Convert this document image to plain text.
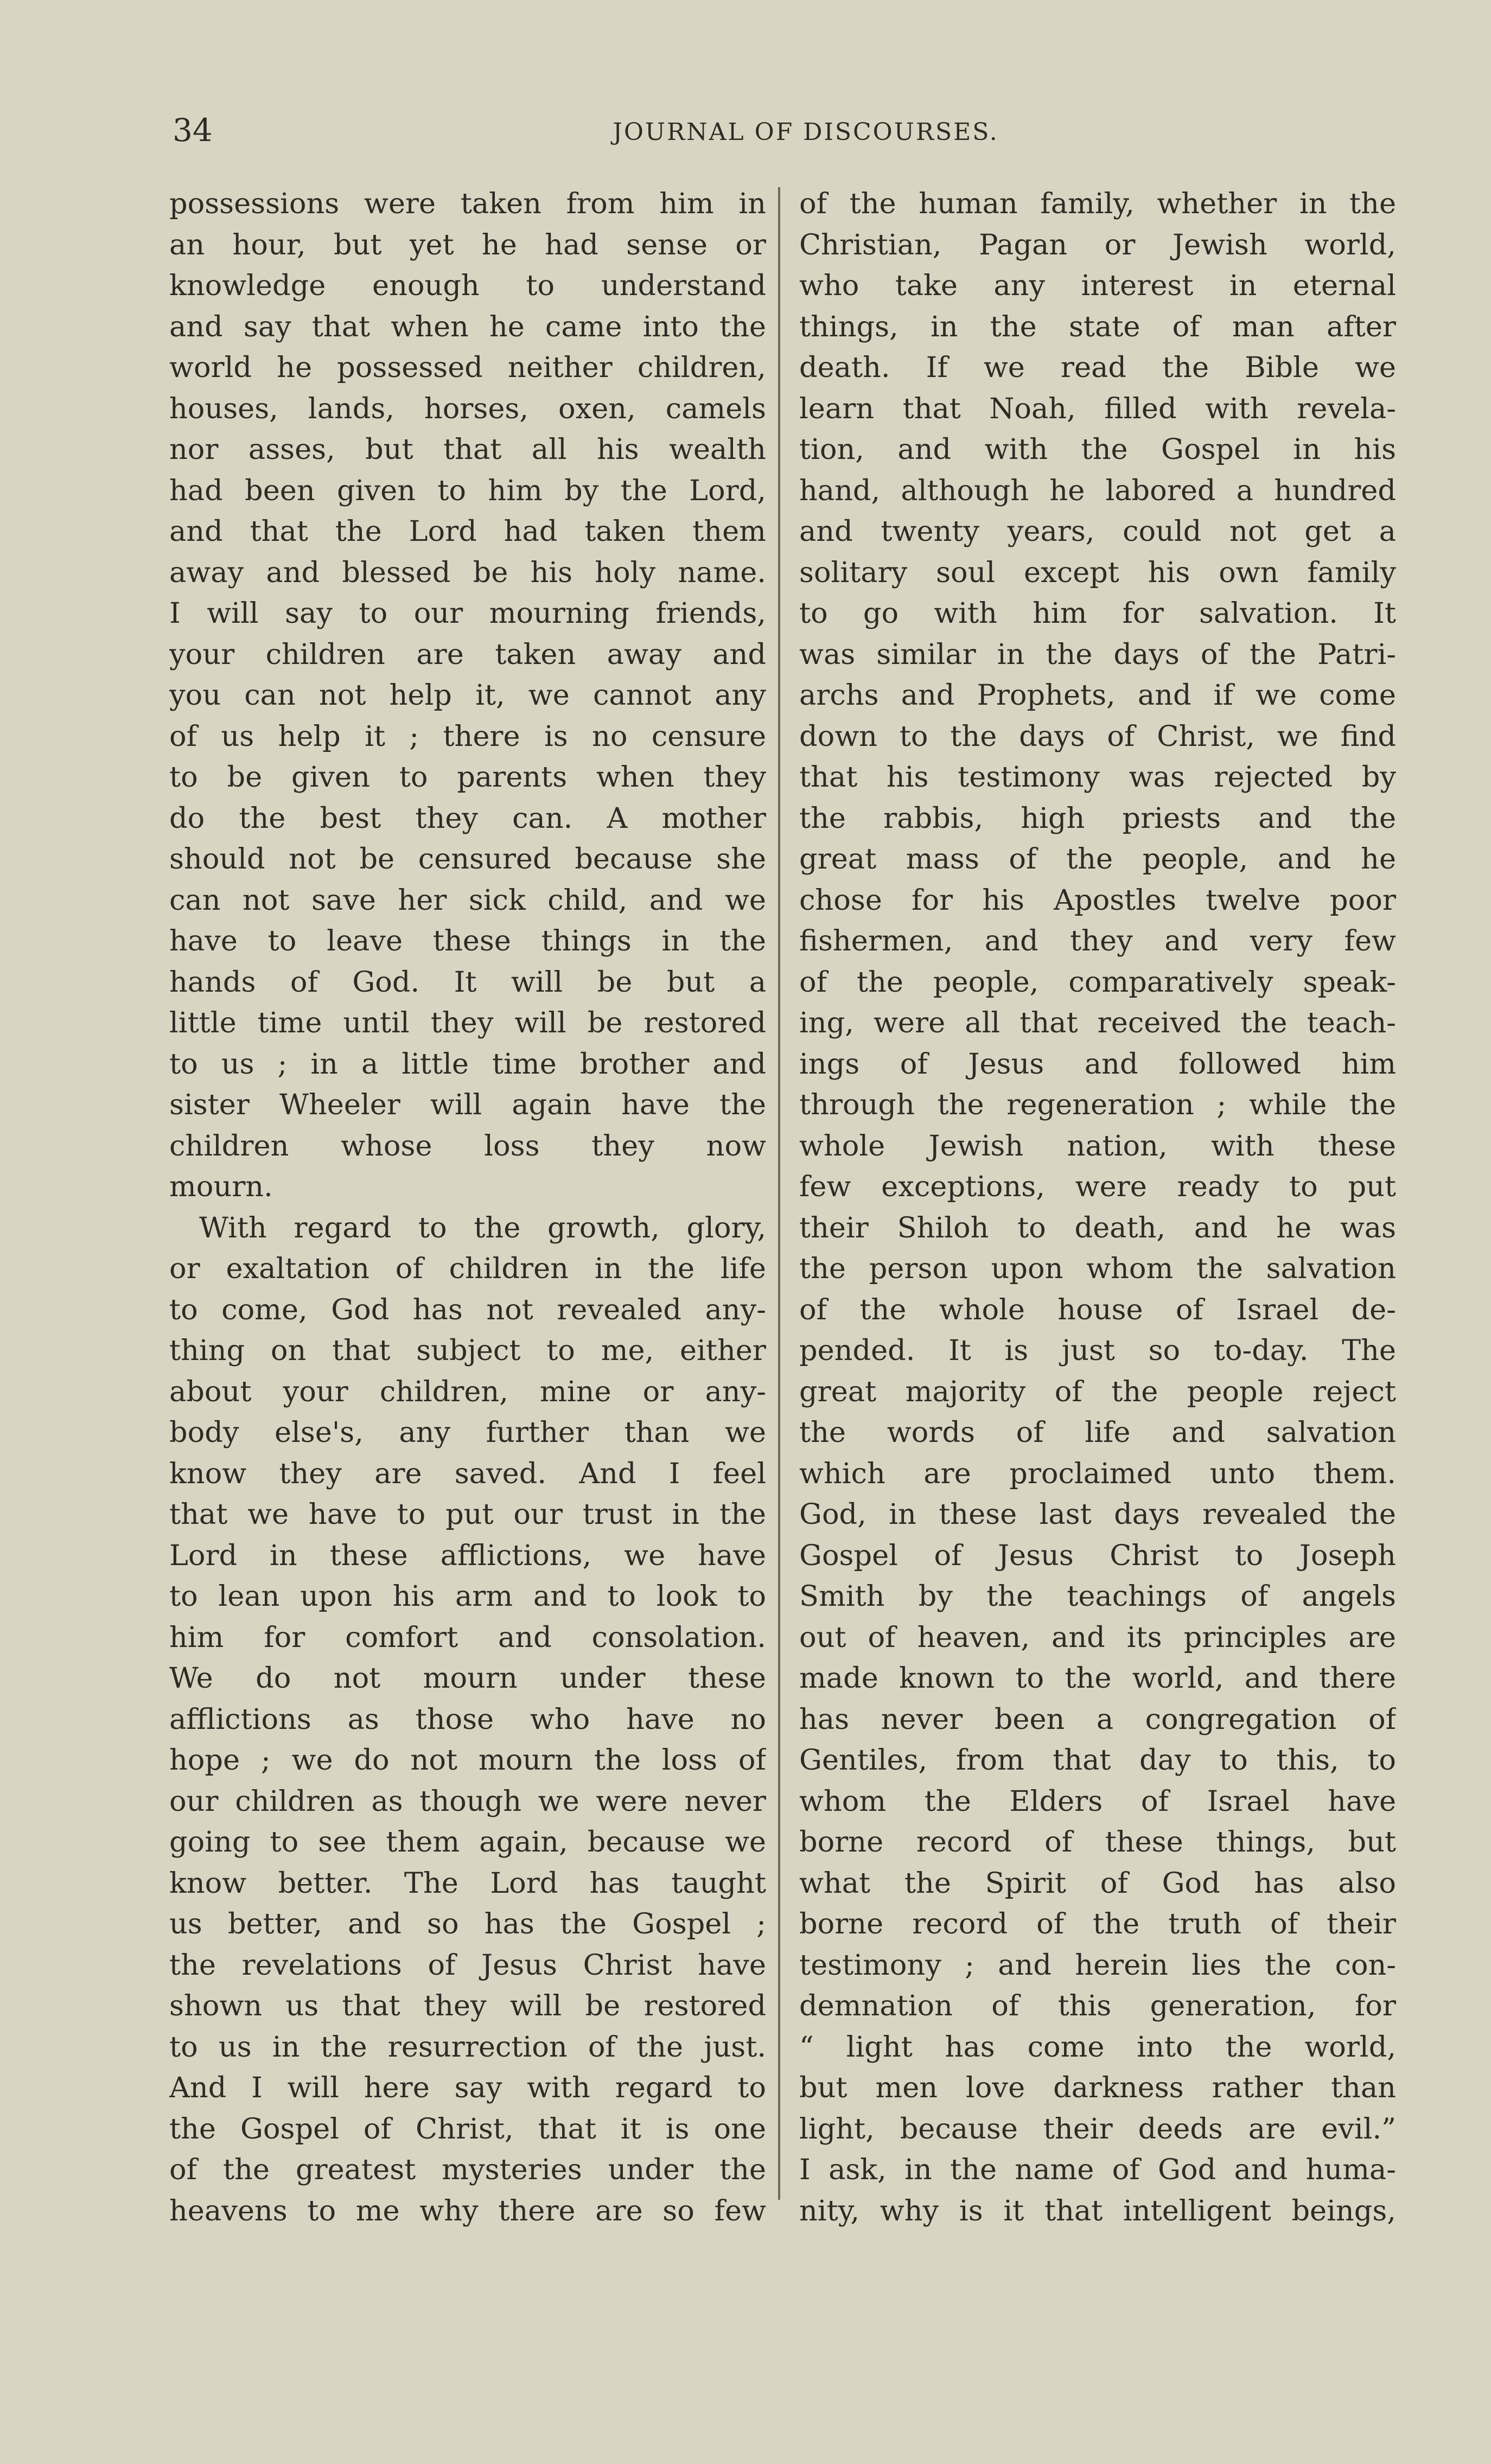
34	JOURNAL OF DISCOURSES.
possessions were taken from him in
an hour, but yet he had sense or
knowledge enough to understand
and say that when he came into the
world he possessed neither children,
houses, lands, horses, oxen, camels
nor asses, but that all his wealth
had been given to him by the Lord,
and that the Lord had taken them
away and blessed be his holy name.
I will say to our mourning friends,
your children are taken away and
you can not help it, we cannot any
of us help it ; there is no censure
to be given to parents when they
do the best they can. A mother
should not be censured because she
can not save her sick child, and we
have to leave these things in the
hands of God. It will be but a
little time until they will be restored
to us ; in a little time brother and
sister Wheeler will again have the
children whose loss they now
mourn.
With regard to the growth, glory,
or exaltation of children in the life
to come, God has not revealed any-
thing on that subject to me, either
about your children, mine or any-
body else's, any further than we
know they are saved. And I feel
that we have to put our trust in the
Lord in these afflictions, we have
to lean upon his arm and to look to
him for comfort and consolation.
We do not mourn under these
afflictions as those who have no
hope ; we do not mourn the loss of
our children as though we were never
going to see them again, because we
know better. The Lord has taught
us better, and so has the Gospel ;
the revelations of Jesus Christ have
shown us that they will be restored
to us in the resurrection of the just.
And I will here say with regard to
the Gospel of Christ, that it is one
of the greatest mysteries under the
heavens to me why there are so few
of the human family, whether in the
Christian, Pagan or Jewish world,
who take any interest in eternal
things, in the state of man after
death. If we read the Bible we
learn that Noah, filled with revela-
tion, and with the Gospel in his
hand, although he labored a hundred
and twenty years, could not get a
solitary soul except his own family
to go with him for salvation. It
was similar in the days of the Patri-
archs and Prophets, and if we come
down to the days of Christ, we find
that his testimony was rejected by
the rabbis, high priests and the
great mass of the people, and he
chose for his Apostles twelve poor
fishermen, and they and very few
of the people, comparatively speak-
ing, were all that received the teach-
ings of Jesus and followed him
through the regeneration ; while the
whole Jewish nation, with these
few exceptions, were ready to put
their Shiloh to death, and he was
the person upon whom the salvation
of the whole house of Israel de-
pended. It is just so to-day. The
great majority of the people reject
the words of life and salvation
which are proclaimed unto them.
God, in these last days revealed the
Gospel of Jesus Christ to Joseph
Smith by the teachings of angels
out of heaven, and its principles are
made known to the world, and there
has never been a congregation of
Gentiles, from that day to this, to
whom the Elders of Israel have
borne record of these things, but
what the Spirit of God has also
borne record of the truth of their
testimony ; and herein lies the con-
demnation of this generation, for
“ light has come into the world,
but men love darkness rather than
light, because their deeds are evil.”
I ask, in the name of God and huma-
nity, why is it that intelligent beings,
